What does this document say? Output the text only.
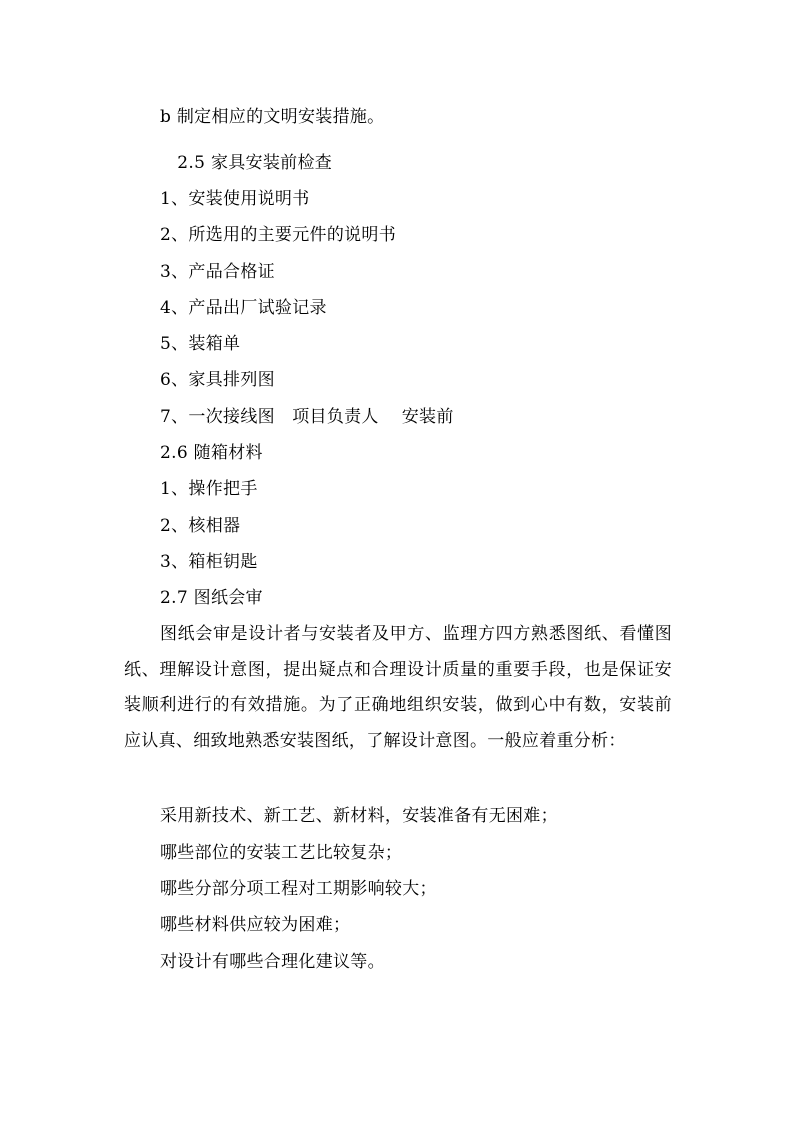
b 制定相应的文明安装措施。
　2.5 家具安装前检查
1、安装使用说明书
2、所选用的主要元件的说明书
3、产品合格证
4、产品出厂试验记录
5、装箱单
6、家具排列图
7、一次接线图　项目负责人　 安装前
2.6 随箱材料
1、操作把手
2、核相器
3、箱柜钥匙
2.7 图纸会审
图纸会审是设计者与安装者及甲方、监理方四方熟悉图纸、看懂图纸、理解设计意图，提出疑点和合理设计质量的重要手段，也是保证安装顺利进行的有效措施。为了正确地组织安装，做到心中有数，安装前应认真、细致地熟悉安装图纸，了解设计意图。一般应着重分析：
采用新技术、新工艺、新材料，安装准备有无困难；
哪些部位的安装工艺比较复杂；
哪些分部分项工程对工期影响较大；
哪些材料供应较为困难；
对设计有哪些合理化建议等。
